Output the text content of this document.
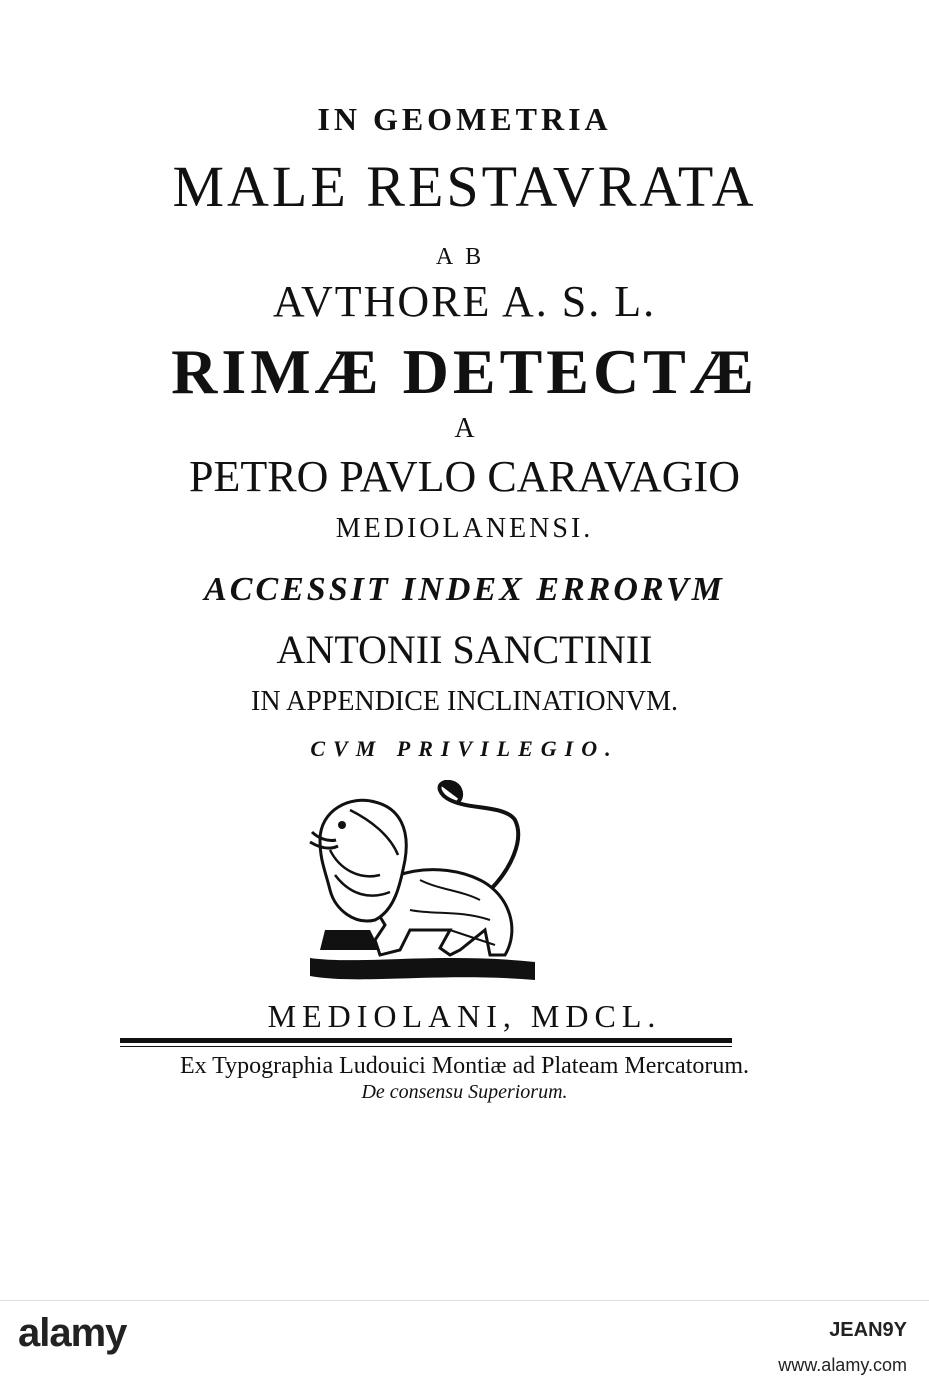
IN GEOMETRIA
MALE RESTAVRATA
AB
AVTHORE A. S. L.
RIMÆ DETECTÆ
A
PETRO PAVLO CARAVAGIO
MEDIOLANENSI.
ACCESSIT INDEX ERRORVM
ANTONII SANCTINII
IN APPENDICE INCLINATIONVM.
CVM PRIVILEGIO.
MEDIOLANI, MDCL.
Ex Typographia Ludouici Montiæ ad Plateam Mercatorum.
De consensu Superiorum.
alamy	JEAN9Y
www.alamy.com
